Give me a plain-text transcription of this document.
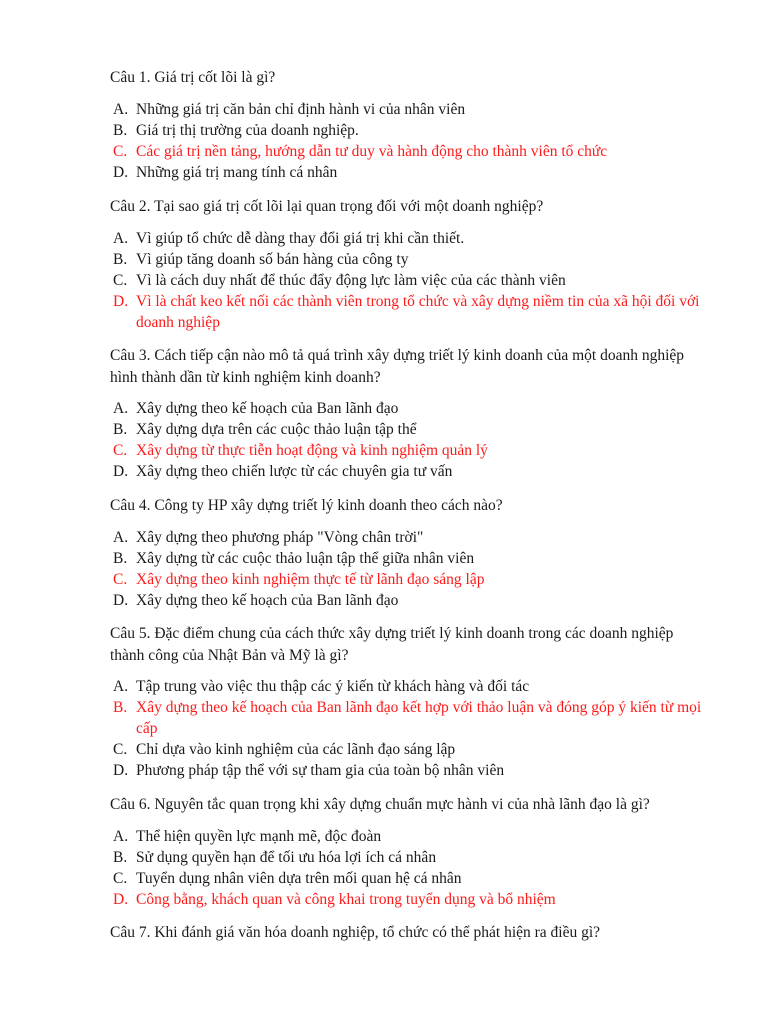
Câu 1. Giá trị cốt lõi là gì?

A. Những giá trị căn bản chỉ định hành vi của nhân viên
B. Giá trị thị trường của doanh nghiệp.
C. Các giá trị nền tảng, hướng dẫn tư duy và hành động cho thành viên tổ chức
D. Những giá trị mang tính cá nhân

Câu 2. Tại sao giá trị cốt lõi lại quan trọng đối với một doanh nghiệp?

A. Vì giúp tổ chức dễ dàng thay đổi giá trị khi cần thiết.
B. Vì giúp tăng doanh số bán hàng của công ty
C. Vì là cách duy nhất để thúc đẩy động lực làm việc của các thành viên
D. Vì là chất keo kết nối các thành viên trong tổ chức và xây dựng niềm tin của xã hội đối với doanh nghiệp

Câu 3. Cách tiếp cận nào mô tả quá trình xây dựng triết lý kinh doanh của một doanh nghiệp hình thành dần từ kinh nghiệm kinh doanh?

A. Xây dựng theo kế hoạch của Ban lãnh đạo
B. Xây dựng dựa trên các cuộc thảo luận tập thể
C. Xây dựng từ thực tiễn hoạt động và kinh nghiệm quản lý
D. Xây dựng theo chiến lược từ các chuyên gia tư vấn

Câu 4. Công ty HP xây dựng triết lý kinh doanh theo cách nào?

A. Xây dựng theo phương pháp "Vòng chân trời"
B. Xây dựng từ các cuộc thảo luận tập thể giữa nhân viên
C. Xây dựng theo kinh nghiệm thực tế từ lãnh đạo sáng lập
D. Xây dựng theo kế hoạch của Ban lãnh đạo

Câu 5. Đặc điểm chung của cách thức xây dựng triết lý kinh doanh trong các doanh nghiệp thành công của Nhật Bản và Mỹ là gì?

A. Tập trung vào việc thu thập các ý kiến từ khách hàng và đối tác
B. Xây dựng theo kế hoạch của Ban lãnh đạo kết hợp với thảo luận và đóng góp ý kiến từ mọi cấp
C. Chỉ dựa vào kinh nghiệm của các lãnh đạo sáng lập
D. Phương pháp tập thể với sự tham gia của toàn bộ nhân viên

Câu 6. Nguyên tắc quan trọng khi xây dựng chuẩn mực hành vi của nhà lãnh đạo là gì?

A. Thể hiện quyền lực mạnh mẽ, độc đoàn
B. Sử dụng quyền hạn để tối ưu hóa lợi ích cá nhân
C. Tuyển dụng nhân viên dựa trên mối quan hệ cá nhân
D. Công bằng, khách quan và công khai trong tuyển dụng và bổ nhiệm

Câu 7. Khi đánh giá văn hóa doanh nghiệp, tổ chức có thể phát hiện ra điều gì?
